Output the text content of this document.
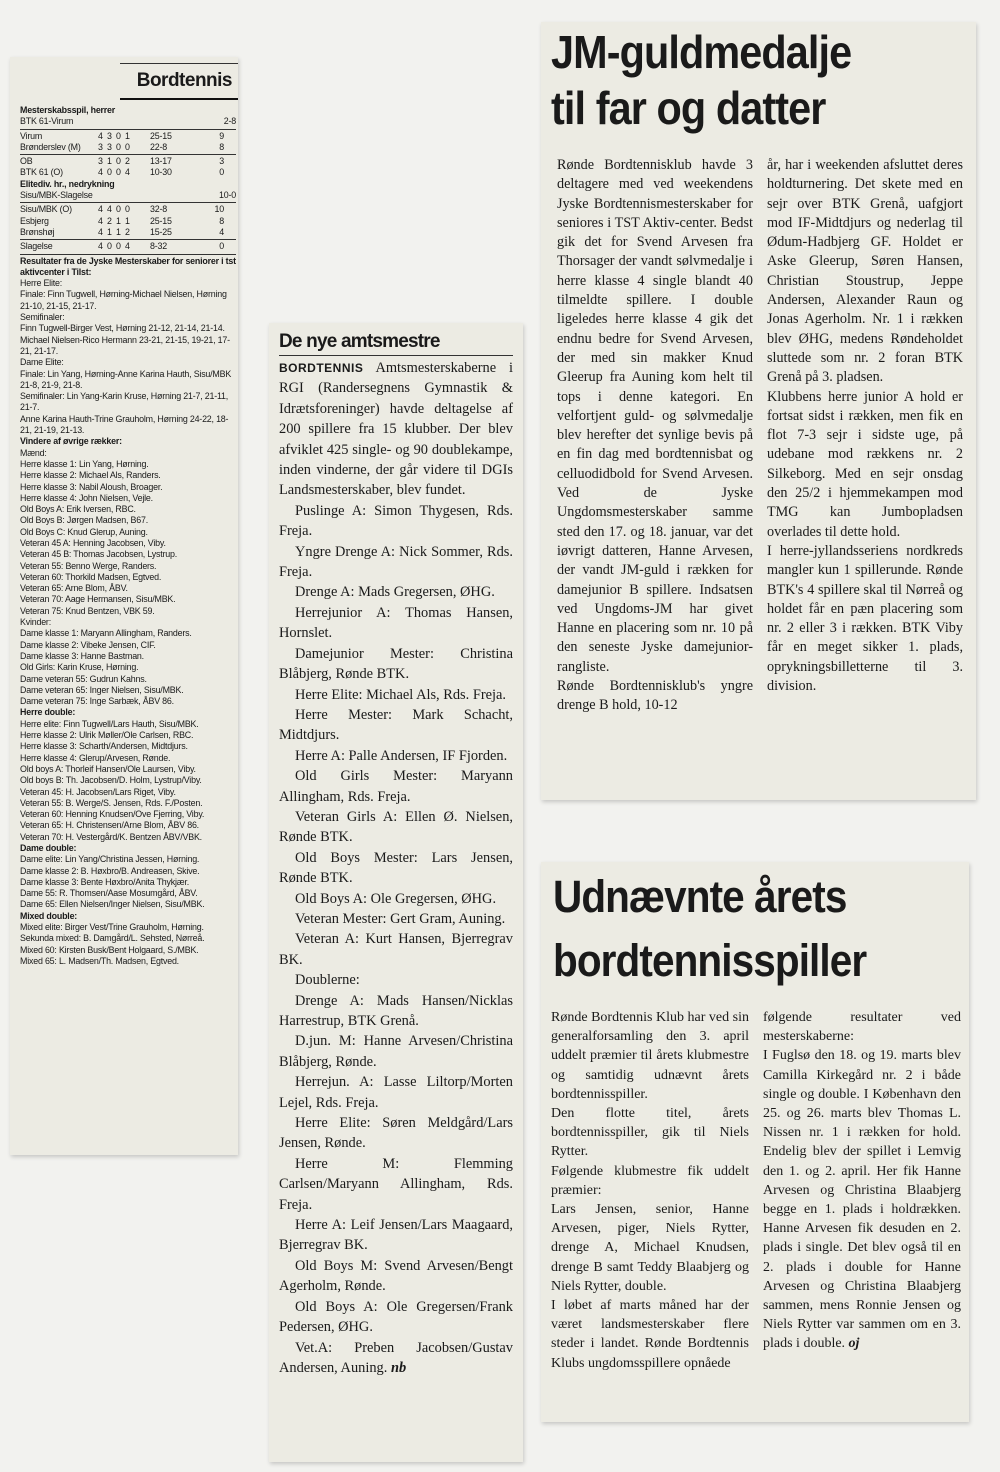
Bordtennis
Mesterskabsspil, herrer
BTK 61-Virum	2-8
Virum	4 3 0 1	25-15	9
Brønderslev (M)	3 3 0 0	22-8	8
OB	3 1 0 2	13-17	3
BTK 61 (O)	4 0 0 4	10-30	0
Elitediv. hr., nedrykning
Sisu/MBK-Slagelse	10-0
Sisu/MBK (O)	4 4 0 0	32-8	10
Esbjerg	4 2 1 1	25-15	8
Brønshøj	4 1 1 2	15-25	4
Slagelse	4 0 0 4	8-32	0
Resultater fra de Jyske Mesterskaber for seniorer i tst aktivcenter i Tilst:
Herre Elite:
Finale: Finn Tugwell, Hørning-Michael Nielsen, Hørning 21-10, 21-15, 21-17.
Semifinaler:
Finn Tugwell-Birger Vest, Hørning 21-12, 21-14, 21-14.
Michael Nielsen-Rico Hermann 23-21, 21-15, 19-21, 17-21, 21-17.
Dame Elite:
Finale: Lin Yang, Hørning-Anne Karina Hauth, Sisu/MBK 21-8, 21-9, 21-8.
Semifinaler: Lin Yang-Karin Kruse, Hørning 21-7, 21-11, 21-7.
Anne Karina Hauth-Trine Grauholm, Hørning 24-22, 18-21, 21-19, 21-13.
Vindere af øvrige rækker:
Mænd:
Herre klasse 1: Lin Yang, Hørning.
Herre klasse 2: Michael Als, Randers.
Herre klasse 3: Nabil Aloush, Broager.
Herre klasse 4: John Nielsen, Vejle.
Old Boys A: Erik Iversen, RBC.
Old Boys B: Jørgen Madsen, B67.
Old Boys C: Knud Glerup, Auning.
Veteran 45 A: Henning Jacobsen, Viby.
Veteran 45 B: Thomas Jacobsen, Lystrup.
Veteran 55: Benno Werge, Randers.
Veteran 60: Thorkild Madsen, Egtved.
Veteran 65: Arne Blom, ÅBV.
Veteran 70: Aage Hermansen, Sisu/MBK.
Veteran 75: Knud Bentzen, VBK 59.
Kvinder:
Dame klasse 1: Maryann Allingham, Randers.
Dame klasse 2: Vibeke Jensen, CIF.
Dame klasse 3: Hanne Bastman.
Old Girls: Karin Kruse, Hørning.
Dame veteran 55: Gudrun Kahns.
Dame veteran 65: Inger Nielsen, Sisu/MBK.
Dame veteran 75: Inge Sarbæk, ÅBV 86.
Herre double:
Herre elite: Finn Tugwell/Lars Hauth, Sisu/MBK.
Herre klasse 2: Ulrik Møller/Ole Carlsen, RBC.
Herre klasse 3: Scharth/Andersen, Midtdjurs.
Herre klasse 4: Glerup/Arvesen, Rønde.
Old boys A: Thorleif Hansen/Ole Laursen, Viby.
Old boys B: Th. Jacobsen/D. Holm, Lystrup/Viby.
Veteran 45: H. Jacobsen/Lars Riget, Viby.
Veteran 55: B. Werge/S. Jensen, Rds. F./Posten.
Veteran 60: Henning Knudsen/Ove Fjerring, Viby.
Veteran 65: H. Christensen/Arne Blom, ÅBV 86.
Veteran 70: H. Vestergård/K. Bentzen ÅBV/VBK.
Dame double:
Dame elite: Lin Yang/Christina Jessen, Hørning.
Dame klasse 2: B. Høxbro/B. Andreasen, Skive.
Dame klasse 3: Bente Høxbro/Anita Thykjær.
Dame 55: R. Thomsen/Aase Mosumgård, ÅBV.
Dame 65: Ellen Nielsen/Inger Nielsen, Sisu/MBK.
Mixed double:
Mixed elite: Birger Vest/Trine Grauholm, Hørning.
Sekunda mixed: B. Damgård/L. Sehsted, Nørreå.
Mixed 60: Kirsten Busk/Bent Holgaard, S./MBK.
Mixed 65: L. Madsen/Th. Madsen, Egtved.
De nye amtsmestre

BORDTENNIS Amtsmesterskaberne i RGI (Randersegnens Gymnastik & Idrætsforeninger) havde deltagelse af 200 spillere fra 15 klubber. Der blev afviklet 425 single- og 90 doublekampe, inden vinderne, der går videre til DGIs Landsmesterskaber, blev fundet.

Puslinge A: Simon Thygesen, Rds. Freja.

Yngre Drenge A: Nick Sommer, Rds. Freja.

Drenge A: Mads Gregersen, ØHG.

Herrejunior A: Thomas Hansen, Hornslet.

Damejunior Mester: Christina Blåbjerg, Rønde BTK.

Herre Elite: Michael Als, Rds. Freja.

Herre Mester: Mark Schacht, Midtdjurs.

Herre A: Palle Andersen, IF Fjorden.

Old Girls Mester: Maryann Allingham, Rds. Freja.

Veteran Girls A: Ellen Ø. Nielsen, Rønde BTK.

Old Boys Mester: Lars Jensen, Rønde BTK.

Old Boys A: Ole Gregersen, ØHG.

Veteran Mester: Gert Gram, Auning.

Veteran A: Kurt Hansen, Bjerregrav BK.

Doublerne:

Drenge A: Mads Hansen/Nicklas Harrestrup, BTK Grenå.

D.jun. M: Hanne Arvesen/Christina Blåbjerg, Rønde.

Herrejun. A: Lasse Liltorp/Morten Lejel, Rds. Freja.

Herre Elite: Søren Meldgård/Lars Jensen, Rønde.

Herre M: Flemming Carlsen/Maryann Allingham, Rds. Freja.

Herre A: Leif Jensen/Lars Maagaard, Bjerregrav BK.

Old Boys M: Svend Arvesen/Bengt Agerholm, Rønde.

Old Boys A: Ole Gregersen/Frank Pedersen, ØHG.

Vet.A: Preben Jacobsen/Gustav Andersen, Auning. nb

JM-guldmedalje
til far og datter

Rønde Bordtennisklub havde 3 deltagere med ved weekendens Jyske Bordtennismesterskaber for seniores i TST Aktiv-center. Bedst gik det for Svend Arvesen fra Thorsager der vandt sølvmedalje i herre klasse 4 single blandt 40 tilmeldte spillere. I double ligeledes herre klasse 4 gik det endnu bedre for Svend Arvesen, der med sin makker Knud Gleerup fra Auning kom helt til tops i denne kategori. En velfortjent guld- og sølvmedalje blev herefter det synlige bevis på en fin dag med bordtennisbat og celluodidbold for Svend Arvesen. Ved de Jyske Ungdomsmesterskaber samme sted den 17. og 18. januar, var det iøvrigt datteren, Hanne Arvesen, der vandt JM-guld i rækken for damejunior B spillere. Indsatsen ved Ungdoms-JM har givet Hanne en placering som nr. 10 på den seneste Jyske damejunior-rangliste.

Rønde Bordtennisklub's yngre drenge B hold, 10-12

år, har i weekenden afsluttet deres holdturnering. Det skete med en sejr over BTK Grenå, uafgjort mod IF-Midtdjurs og nederlag til Ødum-Hadbjerg GF. Holdet er Aske Gleerup, Søren Hansen, Christian Stoustrup, Jeppe Andersen, Alexander Raun og Jonas Agerholm. Nr. 1 i rækken blev ØHG, medens Røndeholdet sluttede som nr. 2 foran BTK Grenå på 3. pladsen.

Klubbens herre junior A hold er fortsat sidst i rækken, men fik en flot 7-3 sejr i sidste uge, på udebane mod rækkens nr. 2 Silkeborg. Med en sejr onsdag den 25/2 i hjemmekampen mod TMG kan Jumbopladsen overlades til dette hold.

I herre-jyllandsseriens nordkreds mangler kun 1 spillerunde. Rønde BTK's 4 spillere skal til Nørreå og holdet får en pæn placering som nr. 2 eller 3 i rækken. BTK Viby får en meget sikker 1. plads, oprykningsbilletterne til 3. division.

Udnævnte årets
bordtennisspiller

Rønde Bordtennis Klub har ved sin generalforsamling den 3. april uddelt præmier til årets klubmestre og samtidig udnævnt årets bordtennisspiller.

Den flotte titel, årets bordtennisspiller, gik til Niels Rytter.

Følgende klubmestre fik uddelt præmier:

Lars Jensen, senior, Hanne Arvesen, piger, Niels Rytter, drenge A, Michael Knudsen, drenge B samt Teddy Blaabjerg og Niels Rytter, double.

I løbet af marts måned har der været landsmesterskaber flere steder i landet. Rønde Bordtennis Klubs ungdomsspillere opnåede

følgende resultater ved mesterskaberne:

I Fuglsø den 18. og 19. marts blev Camilla Kirkegård nr. 2 i både single og double. I København den 25. og 26. marts blev Thomas L. Nissen nr. 1 i rækken for hold. Endelig blev der spillet i Lemvig den 1. og 2. april. Her fik Hanne Arvesen og Christina Blaabjerg begge en 1. plads i holdrækken. Hanne Arvesen fik desuden en 2. plads i single. Det blev også til en 2. plads i double for Hanne Arvesen og Christina Blaabjerg sammen, mens Ronnie Jensen og Niels Rytter var sammen om en 3. plads i double. oj
